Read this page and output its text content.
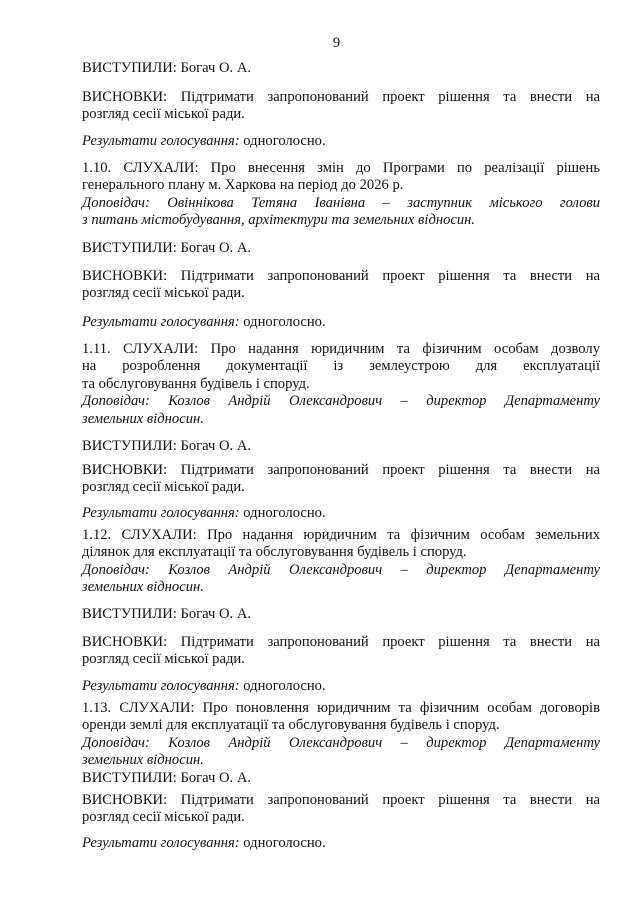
9
ВИСТУПИЛИ: Богач О. А.
ВИСНОВКИ: Підтримати запропонований проект рішення та внести на
розгляд сесії міської ради.
Результати голосування: одноголосно.
1.10. СЛУХАЛИ: Про внесення змін до Програми по реалізації рішень
генерального плану м. Харкова на період до 2026 р.
Доповідач: Овіннікова Тетяна Іванівна – заступник міського голови
з питань містобудування, архітектури та земельних відносин.
ВИСТУПИЛИ: Богач О. А.
ВИСНОВКИ: Підтримати запропонований проект рішення та внести на
розгляд сесії міської ради.
Результати голосування: одноголосно.
1.11. СЛУХАЛИ: Про надання юридичним та фізичним особам дозволу
на розроблення документації із землеустрою для експлуатації
та обслуговування будівель і споруд.
Доповідач: Козлов Андрій Олександрович – директор Департаменту
земельних відносин.
ВИСТУПИЛИ: Богач О. А.
ВИСНОВКИ: Підтримати запропонований проект рішення та внести на
розгляд сесії міської ради.
Результати голосування: одноголосно.
1.12. СЛУХАЛИ: Про надання юридичним та фізичним особам земельних
ділянок для експлуатації та обслуговування будівель і споруд.
Доповідач: Козлов Андрій Олександрович – директор Департаменту
земельних відносин.
ВИСТУПИЛИ: Богач О. А.
ВИСНОВКИ: Підтримати запропонований проект рішення та внести на
розгляд сесії міської ради.
Результати голосування: одноголосно.
1.13. СЛУХАЛИ: Про поновлення юридичним та фізичним особам договорів
оренди землі для експлуатації та обслуговування будівель і споруд.
Доповідач: Козлов Андрій Олександрович – директор Департаменту
земельних відносин.
ВИСТУПИЛИ: Богач О. А.
ВИСНОВКИ: Підтримати запропонований проект рішення та внести на
розгляд сесії міської ради.
Результати голосування: одноголосно.
